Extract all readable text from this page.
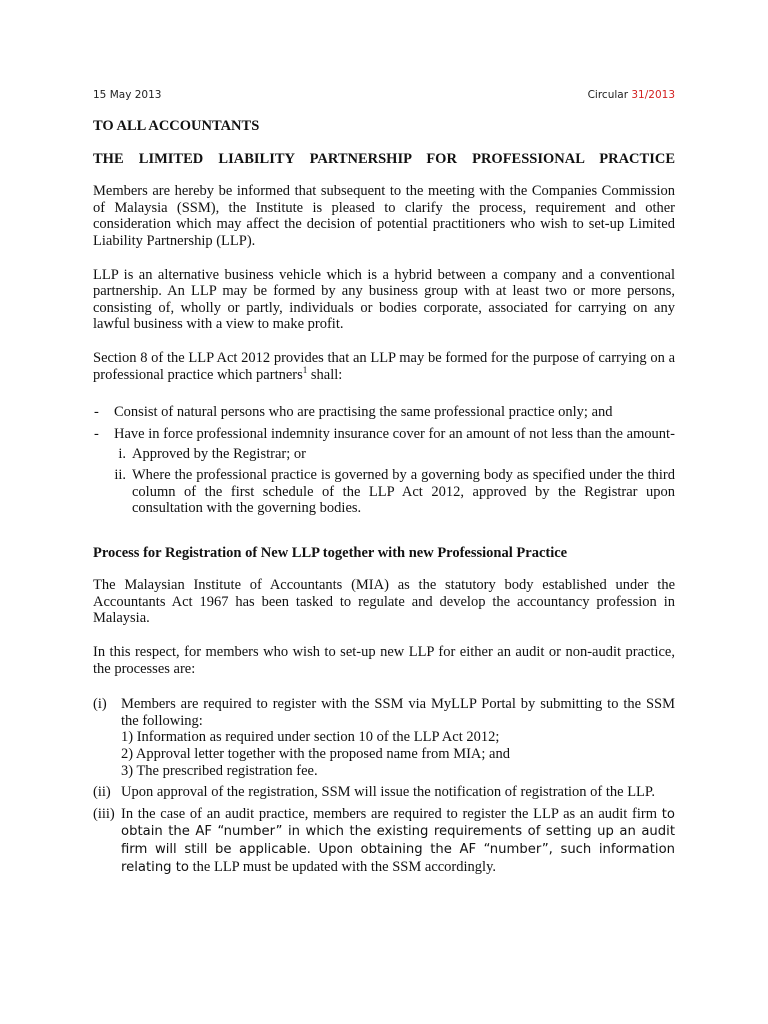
15 May 2013	Circular 31/2013

TO ALL ACCOUNTANTS

THE LIMITED LIABILITY PARTNERSHIP FOR PROFESSIONAL PRACTICE

Members are hereby be informed that subsequent to the meeting with the Companies Commission of Malaysia (SSM), the Institute is pleased to clarify the process, requirement and other consideration which may affect the decision of potential practitioners who wish to set-up Limited Liability Partnership (LLP).

LLP is an alternative business vehicle which is a hybrid between a company and a conventional partnership. An LLP may be formed by any business group with at least two or more persons, consisting of, wholly or partly, individuals or bodies corporate, associated for carrying on any lawful business with a view to make profit.

Section 8 of the LLP Act 2012 provides that an LLP may be formed for the purpose of carrying on a professional practice which partners$^1$ shall:

- Consist of natural persons who are practising the same professional practice only; and
- Have in force professional indemnity insurance cover for an amount of not less than the amount-
i. Approved by the Registrar; or
ii. Where the professional practice is governed by a governing body as specified under the third column of the first schedule of the LLP Act 2012, approved by the Registrar upon consultation with the governing bodies.

Process for Registration of New LLP together with new Professional Practice

The Malaysian Institute of Accountants (MIA) as the statutory body established under the Accountants Act 1967 has been tasked to regulate and develop the accountancy profession in Malaysia.

In this respect, for members who wish to set-up new LLP for either an audit or non-audit practice, the processes are:

(i) Members are required to register with the SSM via MyLLP Portal by submitting to the SSM the following:
1) Information as required under section 10 of the LLP Act 2012;
2) Approval letter together with the proposed name from MIA; and
3) The prescribed registration fee.
(ii) Upon approval of the registration, SSM will issue the notification of registration of the LLP.
(iii) In the case of an audit practice, members are required to register the LLP as an audit firm to obtain the AF “number” in which the existing requirements of setting up an audit firm will still be applicable. Upon obtaining the AF “number”, such information relating to the LLP must be updated with the SSM accordingly.
